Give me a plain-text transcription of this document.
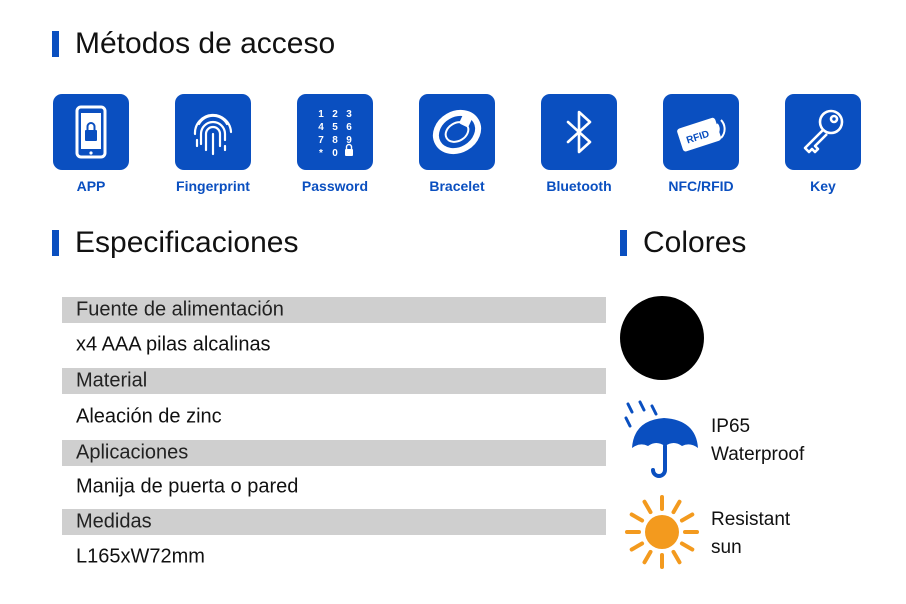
Métodos de acceso
APP	Fingerprint
1 2 3
4 5 6
7 8 9
* 0
Password	Bracelet	Bluetooth
RFID
NFC/RFID	Key
Especificaciones
Fuente de alimentación
x4 AAA pilas alcalinas
Material
Aleación de zinc
Aplicaciones
Manija de puerta o pared
Medidas
L165xW72mm
Colores
IP65
Waterproof
Resistant
sun
